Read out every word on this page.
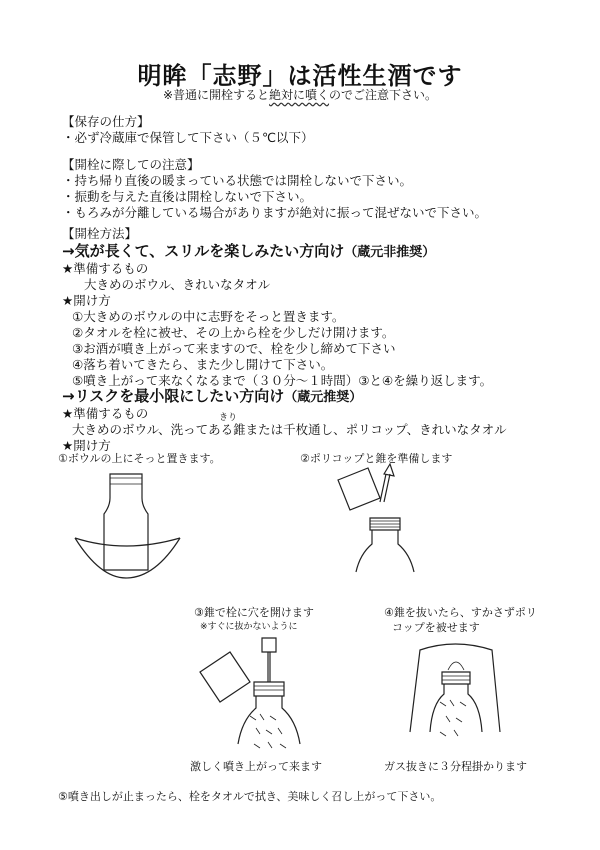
明眸「志野」は活性生酒です
※普通に開栓すると絶対に噴くのでご注意下さい。
【保存の仕方】
・必ず冷蔵庫で保管して下さい（５℃以下）
【開栓に際しての注意】
・持ち帰り直後の暖まっている状態では開栓しないで下さい。
・振動を与えた直後は開栓しないで下さい。
・もろみが分離している場合がありますが絶対に振って混ぜないで下さい。
【開栓方法】
→気が長くて、スリルを楽しみたい方向け（蔵元非推奨）
★準備するもの
大きめのボウル、きれいなタオル
★開け方
①大きめのボウルの中に志野をそっと置きます。
②タオルを栓に被せ、その上から栓を少しだけ開けます。
③お酒が噴き上がって来ますので、栓を少し締めて下さい
④落ち着いてきたら、また少し開けて下さい。
⑤噴き上がって来なくなるまで（３０分～１時間）③と④を繰り返します。
→リスクを最小限にしたい方向け（蔵元推奨）
★準備するもの	きり
大きめのボウル、洗ってある錐または千枚通し、ポリコップ、きれいなタオル
★開け方
①ボウルの上にそっと置きます。	②ポリコップと錐を準備します
③錐で栓に穴を開けます
※すぐに抜かないように
④錐を抜いたら、すかさずポリ
コップを被せます
激しく噴き上がって来ます	ガス抜きに３分程掛かります
⑤噴き出しが止まったら、栓をタオルで拭き、美味しく召し上がって下さい。
